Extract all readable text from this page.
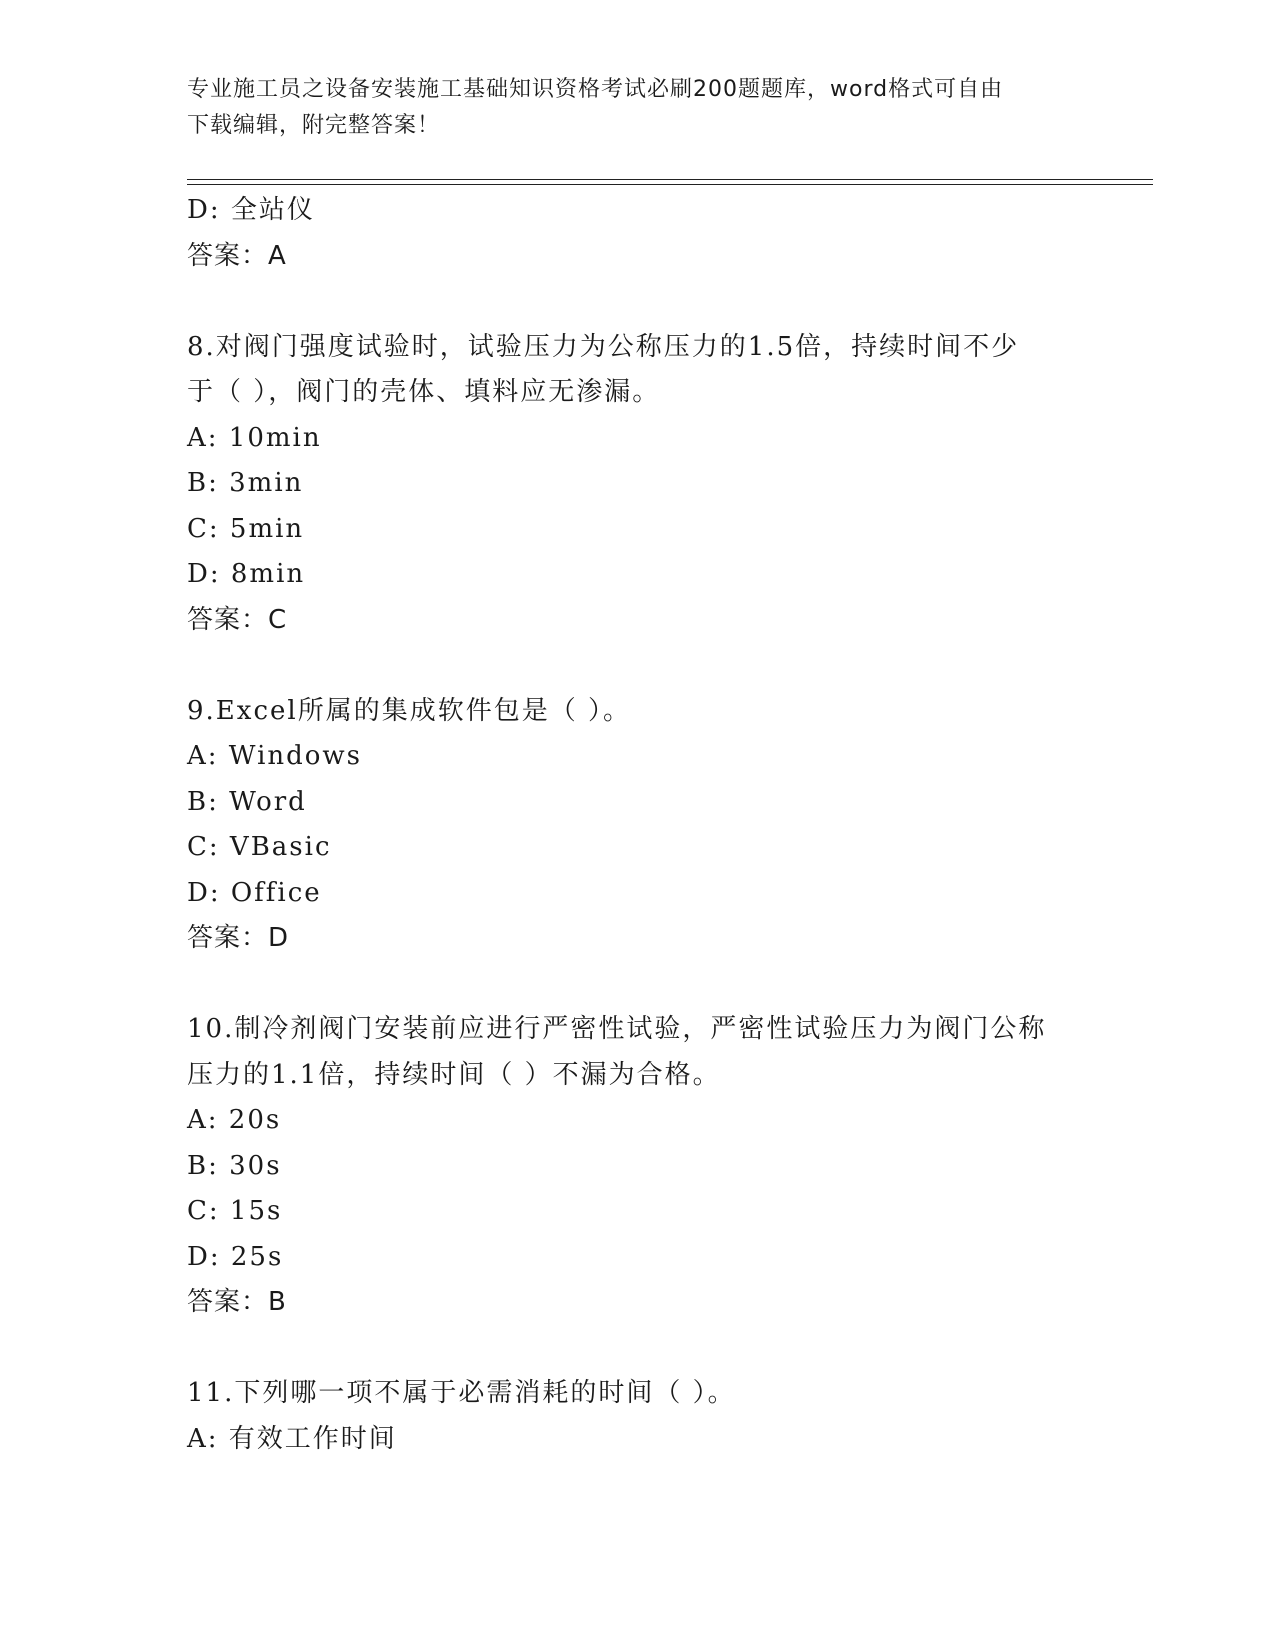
专业施工员之设备安装施工基础知识资格考试必刷200题题库，word格式可自由
下载编辑，附完整答案！
D: 全站仪
答案：A
8.对阀门强度试验时，试验压力为公称压力的1.5倍，持续时间不少
于（ ），阀门的壳体、填料应无渗漏。
A: 10min
B: 3min
C: 5min
D: 8min
答案：C
9.Excel所属的集成软件包是（ ）。
A: Windows
B: Word
C: VBasic
D: Office
答案：D
10.制冷剂阀门安装前应进行严密性试验，严密性试验压力为阀门公称
压力的1.1倍，持续时间（ ）不漏为合格。
A: 20s
B: 30s
C: 15s
D: 25s
答案：B
11.下列哪一项不属于必需消耗的时间（ ）。
A: 有效工作时间
